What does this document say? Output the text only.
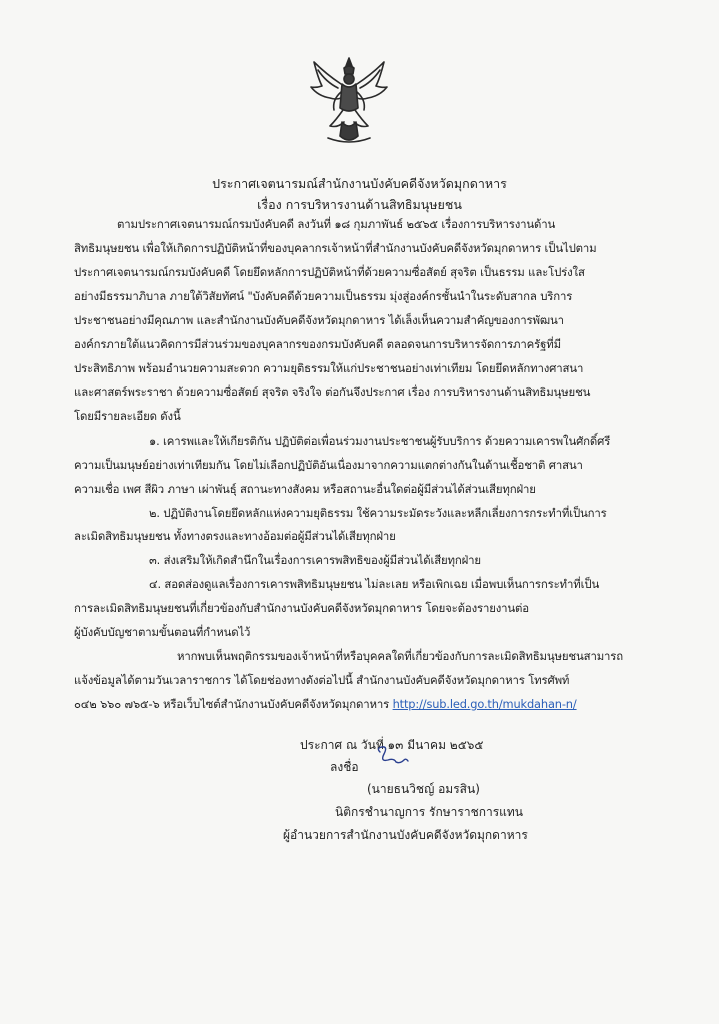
ประกาศเจตนารมณ์สำนักงานบังคับคดีจังหวัดมุกดาหาร
เรื่อง การบริหารงานด้านสิทธิมนุษยชน
ตามประกาศเจตนารมณ์กรมบังคับคดี ลงวันที่ ๑๘ กุมภาพันธ์ ๒๕๖๕ เรื่องการบริหารงานด้าน
สิทธิมนุษยชน เพื่อให้เกิดการปฏิบัติหน้าที่ของบุคลากรเจ้าหน้าที่สำนักงานบังคับคดีจังหวัดมุกดาหาร เป็นไปตาม
ประกาศเจตนารมณ์กรมบังคับคดี โดยยึดหลักการปฏิบัติหน้าที่ด้วยความซื่อสัตย์ สุจริต เป็นธรรม และโปร่งใส
อย่างมีธรรมาภิบาล ภายใต้วิสัยทัศน์ "บังคับคดีด้วยความเป็นธรรม มุ่งสู่องค์กรชั้นนำในระดับสากล บริการ
ประชาชนอย่างมีคุณภาพ และสำนักงานบังคับคดีจังหวัดมุกดาหาร ได้เล็งเห็นความสำคัญของการพัฒนา
องค์กรภายใต้แนวคิดการมีส่วนร่วมของบุคลากรของกรมบังคับคดี ตลอดจนการบริหารจัดการภาครัฐที่มี
ประสิทธิภาพ พร้อมอำนวยความสะดวก ความยุติธรรมให้แก่ประชาชนอย่างเท่าเทียม โดยยึดหลักทางศาสนา
และศาสตร์พระราชา ด้วยความซื่อสัตย์ สุจริต จริงใจ ต่อกันจึงประกาศ เรื่อง การบริหารงานด้านสิทธิมนุษยชน
โดยมีรายละเอียด ดังนี้
๑. เคารพและให้เกียรติกัน ปฏิบัติต่อเพื่อนร่วมงานประชาชนผู้รับบริการ ด้วยความเคารพในศักดิ์ศรี
ความเป็นมนุษย์อย่างเท่าเทียมกัน โดยไม่เลือกปฏิบัติอันเนื่องมาจากความแตกต่างกันในด้านเชื้อชาติ ศาสนา
ความเชื่อ เพศ สีผิว ภาษา เผ่าพันธุ์ สถานะทางสังคม หรือสถานะอื่นใดต่อผู้มีส่วนได้ส่วนเสียทุกฝ่าย
๒. ปฏิบัติงานโดยยึดหลักแห่งความยุติธรรม ใช้ความระมัดระวังและหลีกเลี่ยงการกระทำที่เป็นการ
ละเมิดสิทธิมนุษยชน ทั้งทางตรงและทางอ้อมต่อผู้มีส่วนได้เสียทุกฝ่าย
๓. ส่งเสริมให้เกิดสำนึกในเรื่องการเคารพสิทธิของผู้มีส่วนได้เสียทุกฝ่าย
๔. สอดส่องดูแลเรื่องการเคารพสิทธิมนุษยชน ไม่ละเลย หรือเพิกเฉย เมื่อพบเห็นการกระทำที่เป็น
การละเมิดสิทธิมนุษยชนที่เกี่ยวข้องกับสำนักงานบังคับคดีจังหวัดมุกดาหาร โดยจะต้องรายงานต่อ
ผู้บังคับบัญชาตามขั้นตอนที่กำหนดไว้
หากพบเห็นพฤติกรรมของเจ้าหน้าที่หรือบุคคลใดที่เกี่ยวข้องกับการละเมิดสิทธิมนุษยชนสามารถ
แจ้งข้อมูลได้ตามวันเวลาราชการ ได้โดยช่องทางดังต่อไปนี้ สำนักงานบังคับคดีจังหวัดมุกดาหาร โทรศัพท์
๐๔๒ ๖๖๐ ๗๖๕-๖ หรือเว็บไซต์สำนักงานบังคับคดีจังหวัดมุกดาหาร http://sub.led.go.th/mukdahan-n/
ประกาศ ณ วันที่ ๑๓ มีนาคม ๒๕๖๕
ลงชื่อ
(นายธนวิชญ์ อมรสิน)
นิติกรชำนาญการ รักษาราชการแทน
ผู้อำนวยการสำนักงานบังคับคดีจังหวัดมุกดาหาร
